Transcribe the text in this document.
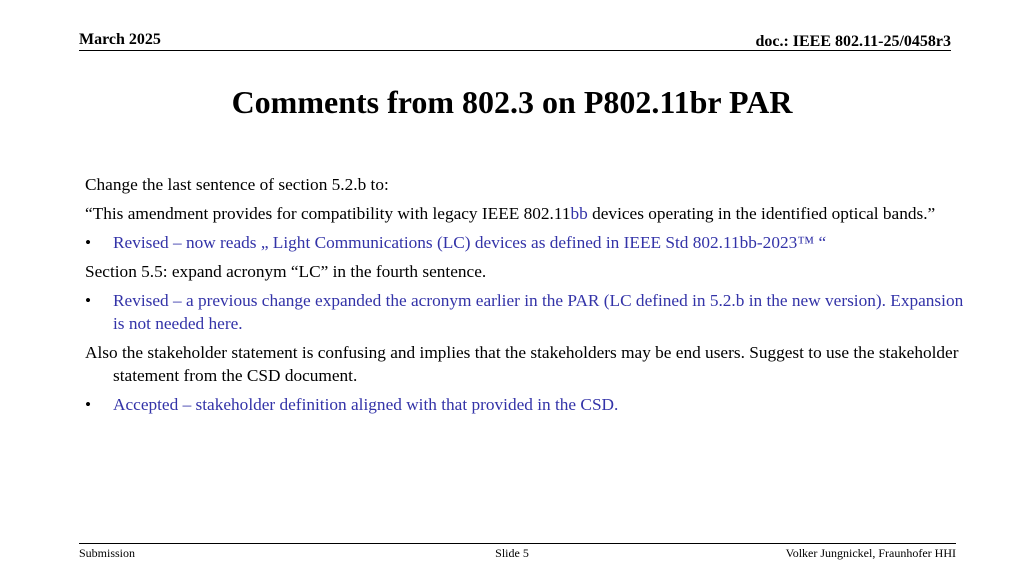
March 2025	doc.: IEEE 802.11-25/0458r3
Comments from 802.3 on P802.11br PAR

Change the last sentence of section 5.2.b to:

“This amendment provides for compatibility with legacy IEEE 802.11bb devices operating in the identified optical bands.”

• Revised – now reads „ Light Communications (LC) devices as defined in IEEE Std 802.11bb-2023™ “

Section 5.5: expand acronym “LC” in the fourth sentence.

• Revised – a previous change expanded the acronym earlier in the PAR (LC defined in 5.2.b in the new version). Expansion is not needed here.

Also the stakeholder statement is confusing and implies that the stakeholders may be end users. Suggest to use the stakeholder statement from the CSD document.

• Accepted – stakeholder definition aligned with that provided in the CSD.

Submission	Slide 5	Volker Jungnickel, Fraunhofer HHI
